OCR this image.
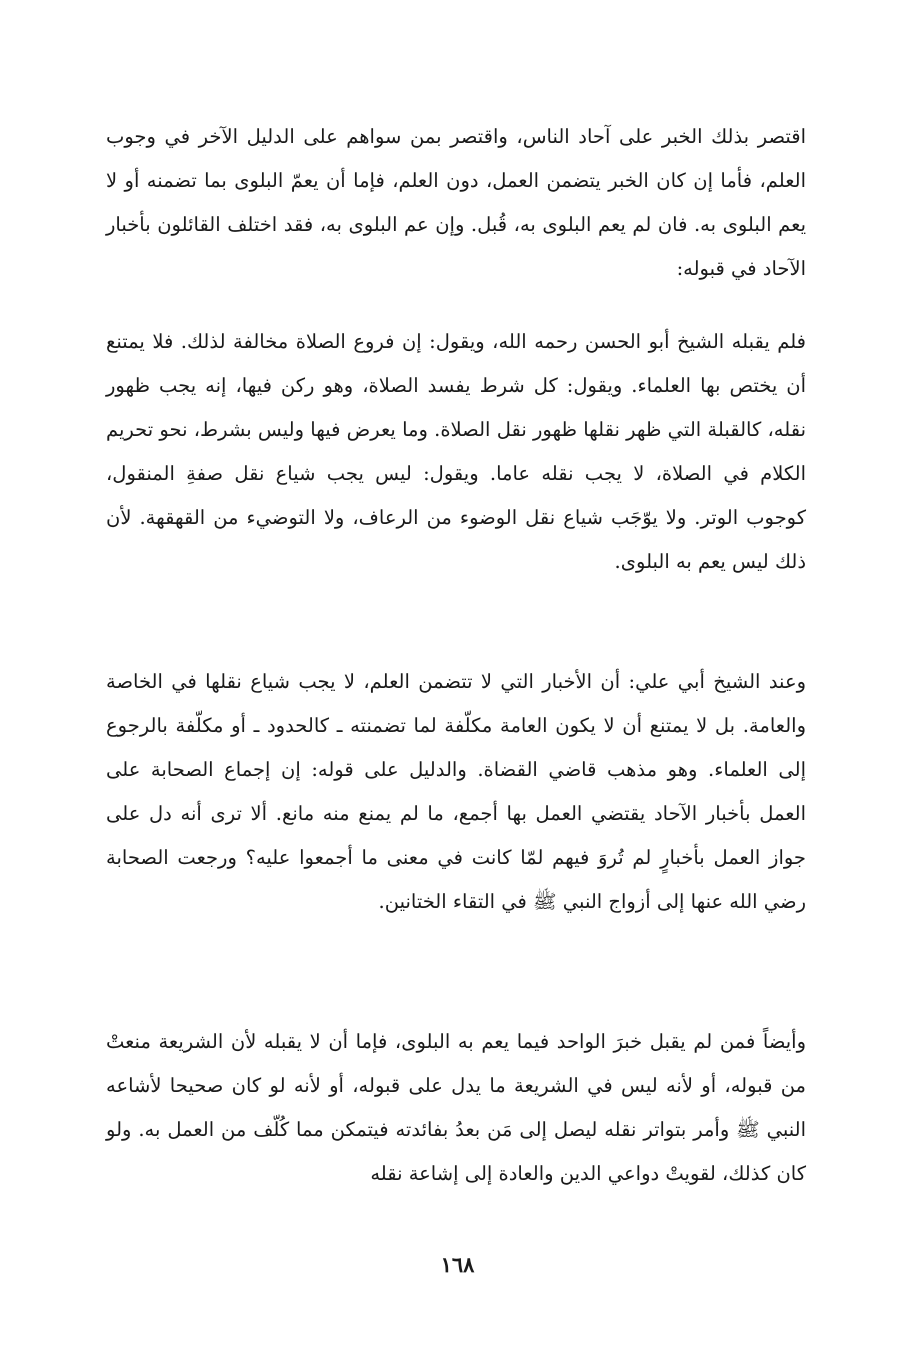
اقتصر بذلك الخبر على آحاد الناس، واقتصر بمن سواهم على الدليل الآخر في وجوب العلم، فأما إن كان الخبر يتضمن العمل، دون العلم، فإما أن يعمّ البلوى بما تضمنه أو لا يعم البلوى به. فان لم يعم البلوى به، قُبل. وإن عم البلوى به، فقد اختلف القائلون بأخبار الآحاد في قبوله:

فلم يقبله الشيخ أبو الحسن رحمه الله، ويقول: إن فروع الصلاة مخالفة لذلك. فلا يمتنع أن يختص بها العلماء. ويقول: كل شرط يفسد الصلاة، وهو ركن فيها، إنه يجب ظهور نقله، كالقبلة التي ظهر نقلها ظهور نقل الصلاة. وما يعرض فيها وليس بشرط، نحو تحريم الكلام في الصلاة، لا يجب نقله عاما. ويقول: ليس يجب شياع نقل صفةِ المنقول، كوجوب الوتر. ولا يوّجَب شياع نقل الوضوء من الرعاف، ولا التوضيء من القهقهة. لأن ذلك ليس يعم به البلوى.

وعند الشيخ أبي علي: أن الأخبار التي لا تتضمن العلم، لا يجب شياع نقلها في الخاصة والعامة. بل لا يمتنع أن لا يكون العامة مكلّفة لما تضمنته ـ كالحدود ـ أو مكلّفة بالرجوع إلى العلماء. وهو مذهب قاضي القضاة. والدليل على قوله: إن إجماع الصحابة على العمل بأخبار الآحاد يقتضي العمل بها أجمع، ما لم يمنع منه مانع. ألا ترى أنه دل على جواز العمل بأخبارٍ لم تُروَ فيهم لمّا كانت في معنى ما أجمعوا عليه؟ ورجعت الصحابة رضي الله عنها إلى أزواج النبي ﷺ في التقاء الختانين.

وأيضاً فمن لم يقبل خبرَ الواحد فيما يعم به البلوى، فإما أن لا يقبله لأن الشريعة منعتْ من قبوله، أو لأنه ليس في الشريعة ما يدل على قبوله، أو لأنه لو كان صحيحا لأشاعه النبي ﷺ وأمر بتواتر نقله ليصل إلى مَن بعدُ بفائدته فيتمكن مما كُلّف من العمل به. ولو كان كذلك، لقويتْ دواعي الدين والعادة إلى إشاعة نقله

١٦٨
